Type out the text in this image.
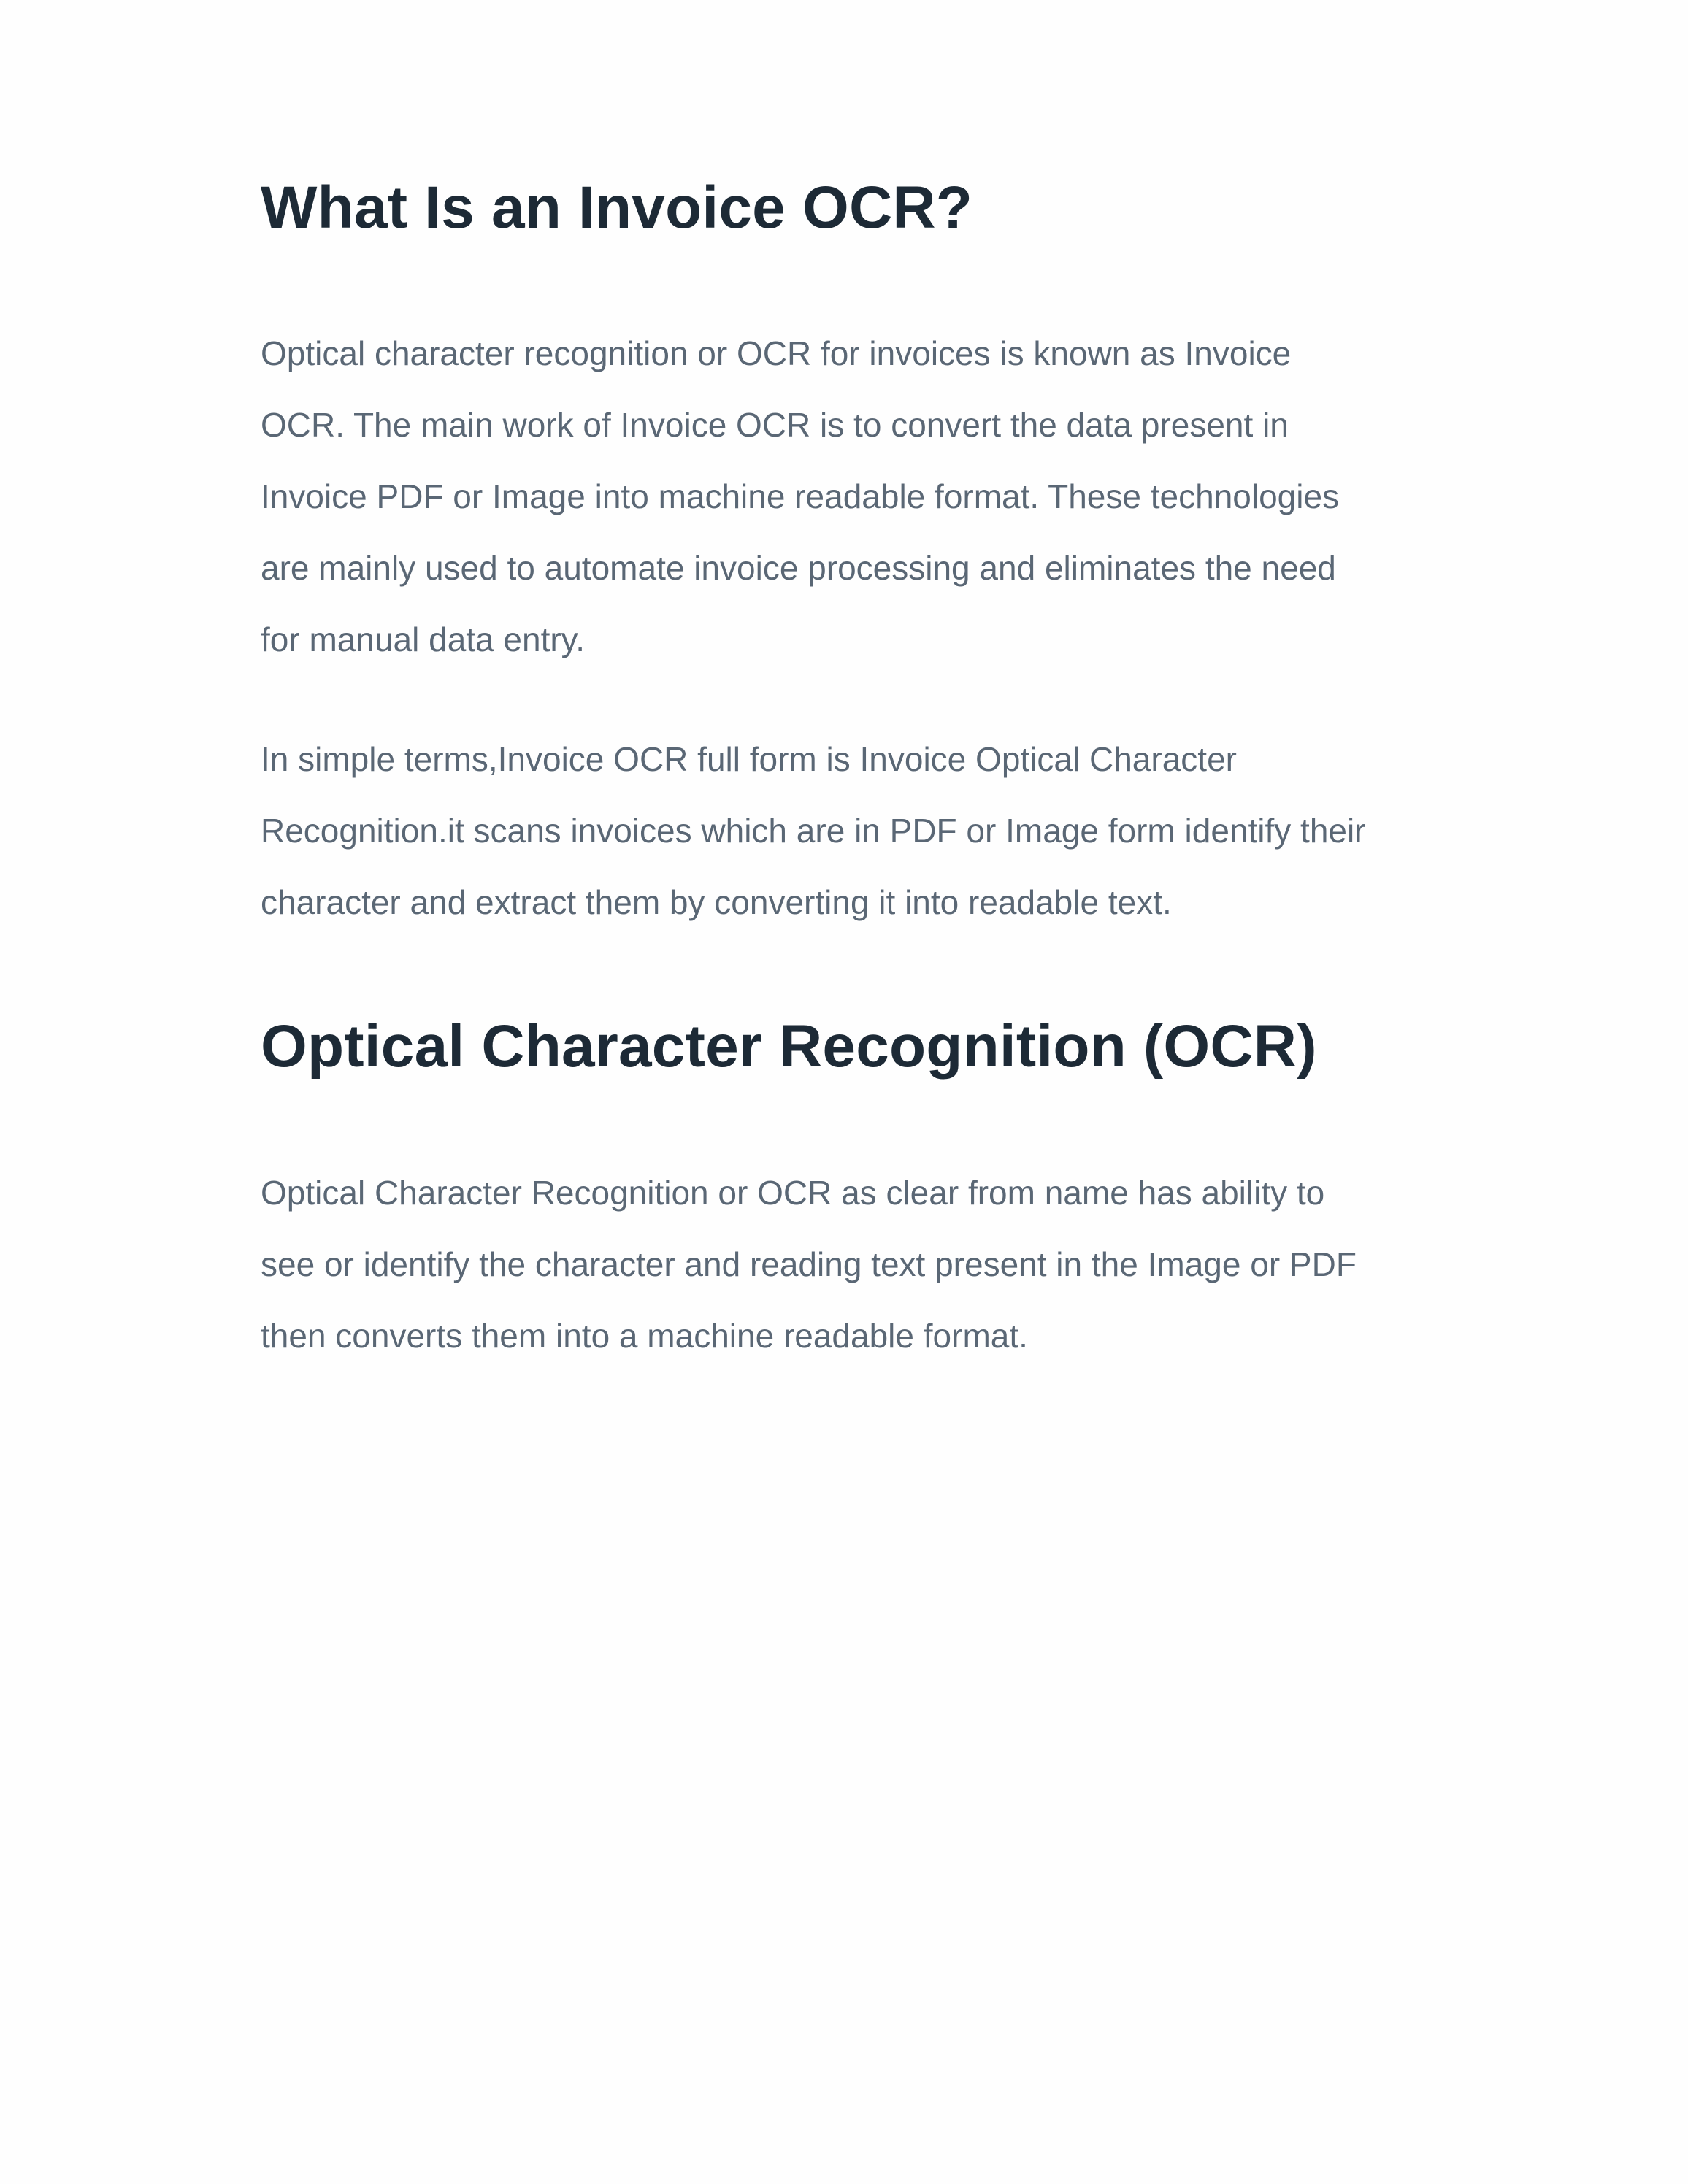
What Is an Invoice OCR?

Optical character recognition or OCR for invoices is known as Invoice
OCR. The main work of Invoice OCR is to convert the data present in
Invoice PDF or Image into machine readable format. These technologies
are mainly used to automate invoice processing and eliminates the need
for manual data entry.

In simple terms,Invoice OCR full form is Invoice Optical Character
Recognition.it scans invoices which are in PDF or Image form identify their
character and extract them by converting it into readable text.

Optical Character Recognition (OCR)

Optical Character Recognition or OCR as clear from name has ability to
see or identify the character and reading text present in the Image or PDF
then converts them into a machine readable format.
